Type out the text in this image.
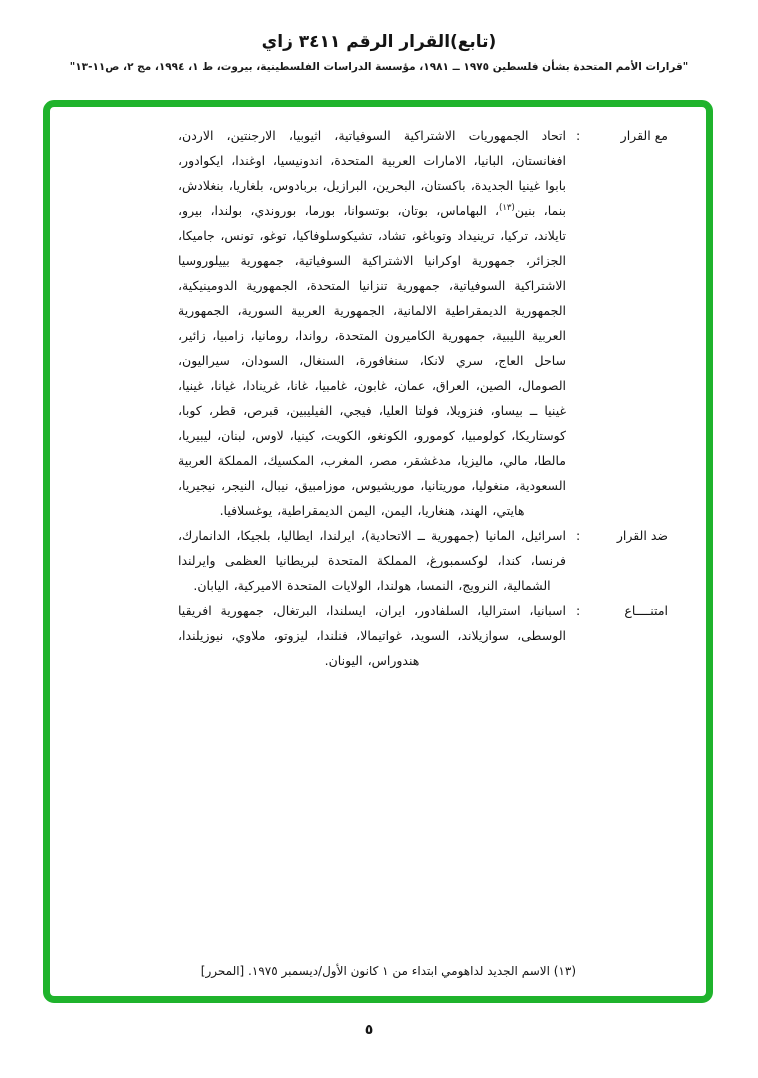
(تابع)القرار الرقم ٣٤١١ زاي
"قرارات الأمم المتحدة بشأن فلسطين ١٩٧٥ ــ ١٩٨١، مؤسسة الدراسات الفلسطينية، بيروت، ط ١، ١٩٩٤، مج ٢، ص١١-١٣"
مع القرار
:
اتحاد الجمهوريات الاشتراكية السوفياتية، اثيوبيا، الارجنتين، الاردن، افغانستان، البانيا، الامارات العربية المتحدة، اندونيسيا، اوغندا، ايكوادور، بابوا غينيا الجديدة، باكستان، البحرين، البرازيل، بربادوس، بلغاريا، بنغلادش، بنما، بنين$^{(١٣)}$، البهاماس، بوتان، بوتسوانا، بورما، بوروندي، بولندا، بيرو، تايلاند، تركيا، ترينيداد وتوباغو، تشاد، تشيكوسلوفاكيا، توغو، تونس، جاميكا، الجزائر، جمهورية اوكرانيا الاشتراكية السوفياتية، جمهورية بييلوروسيا الاشتراكية السوفياتية، جمهورية تنزانيا المتحدة، الجمهورية الدومينيكية، الجمهورية الديمقراطية الالمانية، الجمهورية العربية السورية، الجمهورية العربية الليبية، جمهورية الكاميرون المتحدة، رواندا، رومانيا، زامبيا، زائير، ساحل العاج، سري لانكا، سنغافورة، السنغال، السودان، سيراليون، الصومال، الصين، العراق، عمان، غابون، غامبيا، غانا، غرينادا، غيانا، غينيا، غينيا ــ بيساو، فنزويلا، فولتا العليا، فيجي، الفيليبين، قبرص، قطر، كوبا، كوستاريكا، كولومبيا، كومورو، الكونغو، الكويت، كينيا، لاوس، لبنان، ليبيريا، مالطا، مالي، ماليزيا، مدغشقر، مصر، المغرب، المكسيك، المملكة العربية السعودية، منغوليا، موريتانيا، موريشيوس، موزامبيق، نيبال، النيجر، نيجيريا، هايتي، الهند، هنغاريا، اليمن، اليمن الديمقراطية، يوغسلافيا.
ضد القرار
:
اسرائيل، المانيا (جمهورية ــ الاتحادية)، ايرلندا، ايطاليا، بلجيكا، الدانمارك، فرنسا، كندا، لوكسمبورغ، المملكة المتحدة لبريطانيا العظمى وايرلندا الشمالية، النرويج، النمسا، هولندا، الولايات المتحدة الاميركية، اليابان.
امتنــــاع
:
اسبانيا، استراليا، السلفادور، ايران، ايسلندا، البرتغال، جمهورية افريقيا الوسطى، سوازيلاند، السويد، غواتيمالا، فنلندا، ليزوتو، ملاوي، نيوزيلندا، هندوراس، اليونان.
(١٣) الاسم الجديد لداهومي ابتداء من ١ كانون الأول/ديسمبر ١٩٧٥. [المحرر]
٥
